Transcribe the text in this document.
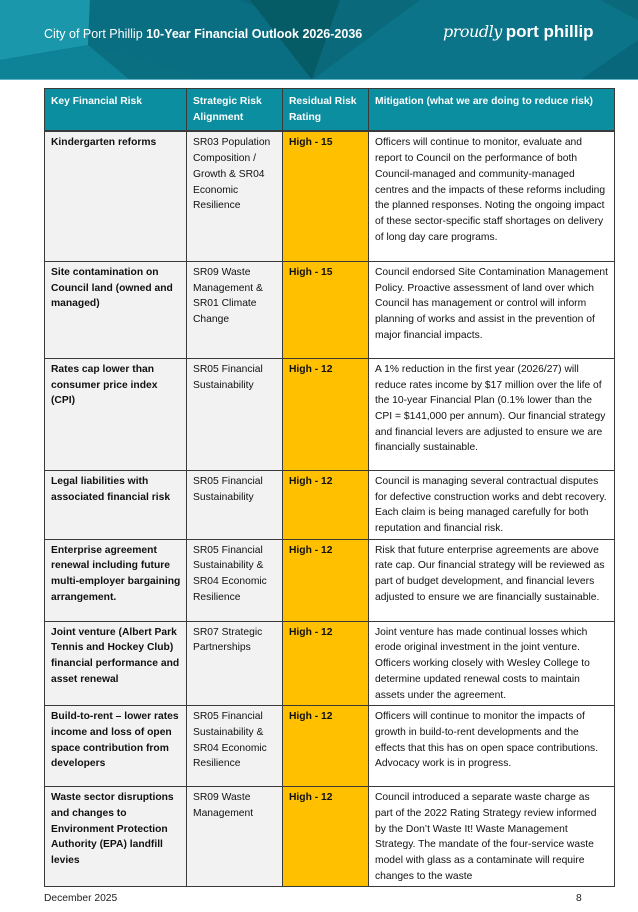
City of Port Phillip 10-Year Financial Outlook 2026-2036	proudly port phillip
Key Financial Risk	Strategic Risk Alignment	Residual Risk Rating	Mitigation (what we are doing to reduce risk)
Kindergarten reforms	SR03 Population Composition / Growth & SR04 Economic Resilience	High - 15	Officers will continue to monitor, evaluate and report to Council on the performance of both Council-managed and community-managed centres and the impacts of these reforms including the planned responses. Noting the ongoing impact of these sector-specific staff shortages on delivery of long day care programs.
Site contamination on Council land (owned and managed)	SR09 Waste Management & SR01 Climate Change	High - 15	Council endorsed Site Contamination Management Policy. Proactive assessment of land over which Council has management or control will inform planning of works and assist in the prevention of major financial impacts.
Rates cap lower than consumer price index (CPI)	SR05 Financial Sustainability	High - 12	A 1% reduction in the first year (2026/27) will reduce rates income by $17 million over the life of the 10-year Financial Plan (0.1% lower than the CPI = $141,000 per annum). Our financial strategy and financial levers are adjusted to ensure we are financially sustainable.
Legal liabilities with associated financial risk	SR05 Financial Sustainability	High - 12	Council is managing several contractual disputes for defective construction works and debt recovery. Each claim is being managed carefully for both reputation and financial risk.
Enterprise agreement renewal including future multi-employer bargaining arrangement.	SR05 Financial Sustainability & SR04 Economic Resilience	High - 12	Risk that future enterprise agreements are above rate cap. Our financial strategy will be reviewed as part of budget development, and financial levers adjusted to ensure we are financially sustainable.
Joint venture (Albert Park Tennis and Hockey Club) financial performance and asset renewal	SR07 Strategic Partnerships	High - 12	Joint venture has made continual losses which erode original investment in the joint venture. Officers working closely with Wesley College to determine updated renewal costs to maintain assets under the agreement.
Build-to-rent – lower rates income and loss of open space contribution from developers	SR05 Financial Sustainability & SR04 Economic Resilience	High - 12	Officers will continue to monitor the impacts of growth in build-to-rent developments and the effects that this has on open space contributions. Advocacy work is in progress.
Waste sector disruptions and changes to Environment Protection Authority (EPA) landfill levies	SR09 Waste Management	High - 12	Council introduced a separate waste charge as part of the 2022 Rating Strategy review informed by the Don’t Waste It! Waste Management Strategy. The mandate of the four-service waste model with glass as a contaminate will require changes to the waste
December 2025	8
